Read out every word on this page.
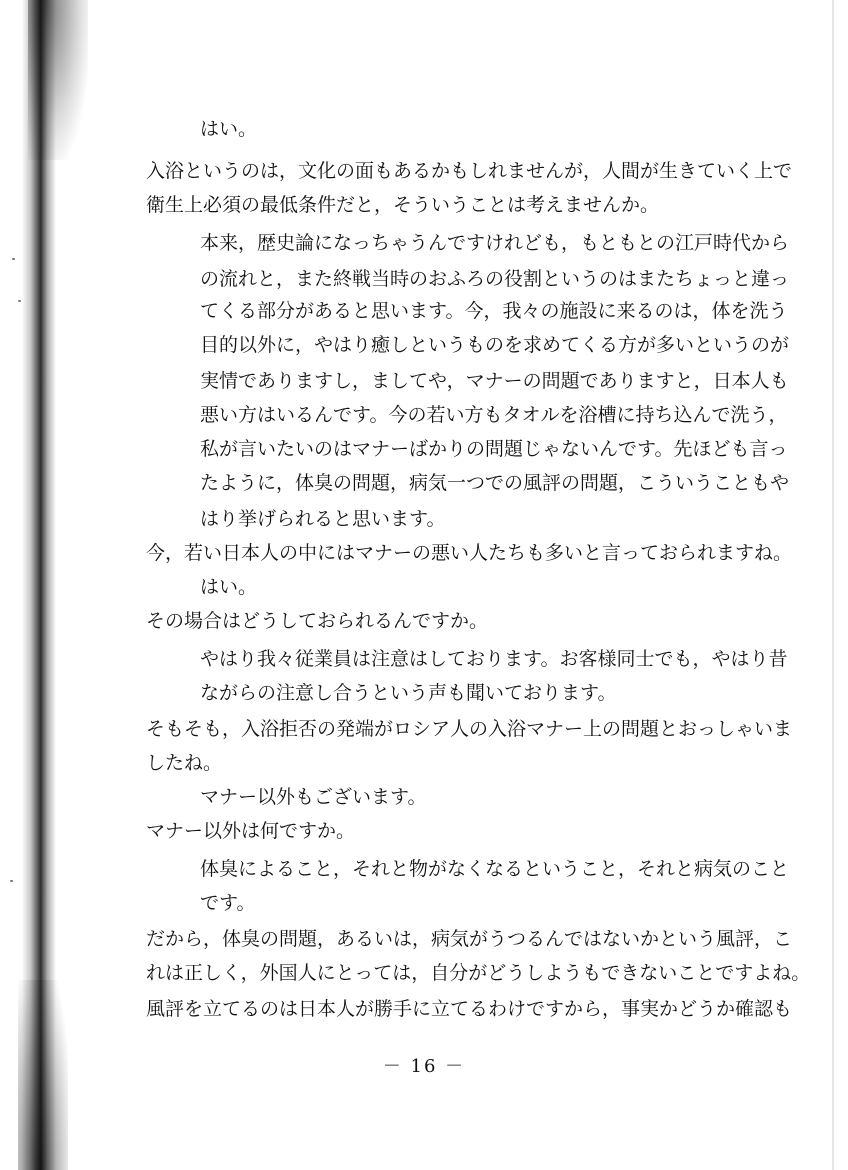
はい。
入浴というのは，文化の面もあるかもしれませんが，人間が生きていく上で
衛生上必須の最低条件だと，そういうことは考えませんか。
本来，歴史論になっちゃうんですけれども，もともとの江戸時代から
の流れと，また終戦当時のおふろの役割というのはまたちょっと違っ
てくる部分があると思います。今，我々の施設に来るのは，体を洗う
目的以外に，やはり癒しというものを求めてくる方が多いというのが
実情でありますし，ましてや，マナーの問題でありますと，日本人も
悪い方はいるんです。今の若い方もタオルを浴槽に持ち込んで洗う，
私が言いたいのはマナーばかりの問題じゃないんです。先ほども言っ
たように，体臭の問題，病気一つでの風評の問題，こういうこともや
はり挙げられると思います。
今，若い日本人の中にはマナーの悪い人たちも多いと言っておられますね。
はい。
その場合はどうしておられるんですか。
やはり我々従業員は注意はしております。お客様同士でも，やはり昔
ながらの注意し合うという声も聞いております。
そもそも，入浴拒否の発端がロシア人の入浴マナー上の問題とおっしゃいま
したね。
マナー以外もございます。
マナー以外は何ですか。
体臭によること，それと物がなくなるということ，それと病気のこと
です。
だから，体臭の問題，あるいは，病気がうつるんではないかという風評，こ
れは正しく，外国人にとっては，自分がどうしようもできないことですよね。
風評を立てるのは日本人が勝手に立てるわけですから，事実かどうか確認も
－ 16 －
